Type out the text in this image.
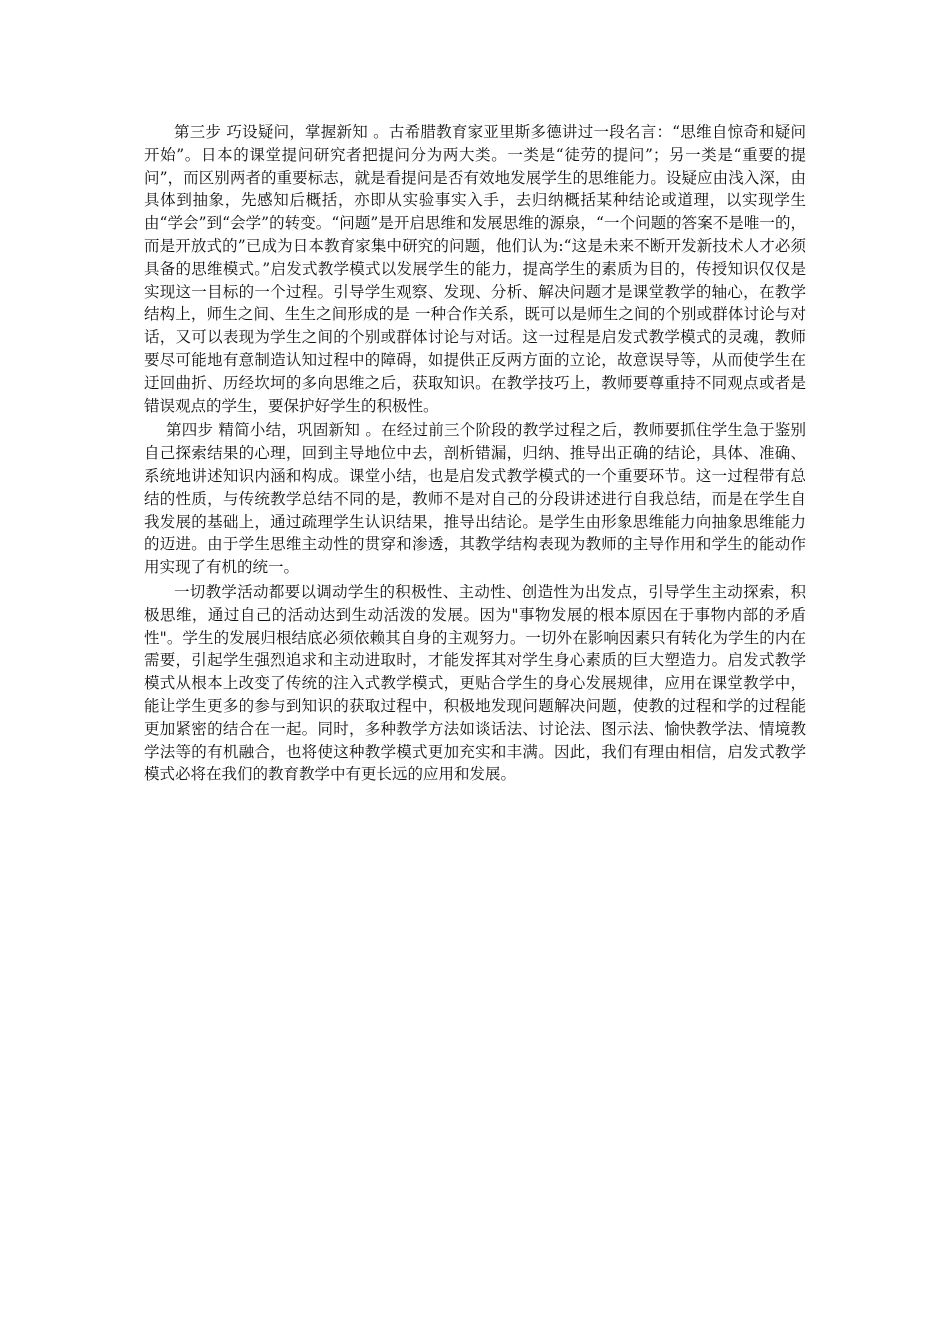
第三步 巧设疑问，掌握新知 。古希腊教育家亚里斯多德讲过一段名言：“思维自惊奇和疑问开始”。日本的课堂提问研究者把提问分为两大类。一类是“徒劳的提问”；另一类是“重要的提问”，而区别两者的重要标志，就是看提问是否有效地发展学生的思维能力。设疑应由浅入深，由具体到抽象，先感知后概括，亦即从实验事实入手，去归纳概括某种结论或道理，以实现学生由“学会”到“会学”的转变。“问题”是开启思维和发展思维的源泉，“一个问题的答案不是唯一的，而是开放式的”已成为日本教育家集中研究的问题，他们认为:“这是未来不断开发新技术人才必须具备的思维模式。”启发式教学模式以发展学生的能力，提高学生的素质为目的，传授知识仅仅是实现这一目标的一个过程。引导学生观察、发现、分析、解决问题才是课堂教学的轴心，在教学结构上，师生之间、生生之间形成的是 一种合作关系，既可以是师生之间的个别或群体讨论与对话，又可以表现为学生之间的个别或群体讨论与对话。这一过程是启发式教学模式的灵魂，教师要尽可能地有意制造认知过程中的障碍，如提供正反两方面的立论，故意误导等，从而使学生在迂回曲折、历经坎坷的多向思维之后，获取知识。在教学技巧上，教师要尊重持不同观点或者是错误观点的学生，要保护好学生的积极性。

第四步 精简小结，巩固新知 。在经过前三个阶段的教学过程之后，教师要抓住学生急于鉴别自己探索结果的心理，回到主导地位中去，剖析错漏，归纳、推导出正确的结论，具体、准确、系统地讲述知识内涵和构成。课堂小结，也是启发式教学模式的一个重要环节。这一过程带有总结的性质，与传统教学总结不同的是，教师不是对自己的分段讲述进行自我总结，而是在学生自我发展的基础上，通过疏理学生认识结果，推导出结论。是学生由形象思维能力向抽象思维能力的迈进。由于学生思维主动性的贯穿和渗透，其教学结构表现为教师的主导作用和学生的能动作用实现了有机的统一。

一切教学活动都要以调动学生的积极性、主动性、创造性为出发点，引导学生主动探索，积极思维，通过自己的活动达到生动活泼的发展。因为"事物发展的根本原因在于事物内部的矛盾性"。学生的发展归根结底必须依赖其自身的主观努力。一切外在影响因素只有转化为学生的内在需要，引起学生强烈追求和主动进取时，才能发挥其对学生身心素质的巨大塑造力。启发式教学模式从根本上改变了传统的注入式教学模式，更贴合学生的身心发展规律，应用在课堂教学中，能让学生更多的参与到知识的获取过程中，积极地发现问题解决问题，使教的过程和学的过程能更加紧密的结合在一起。同时，多种教学方法如谈话法、讨论法、图示法、愉快教学法、情境教学法等的有机融合，也将使这种教学模式更加充实和丰满。因此，我们有理由相信，启发式教学模式必将在我们的教育教学中有更长远的应用和发展。
